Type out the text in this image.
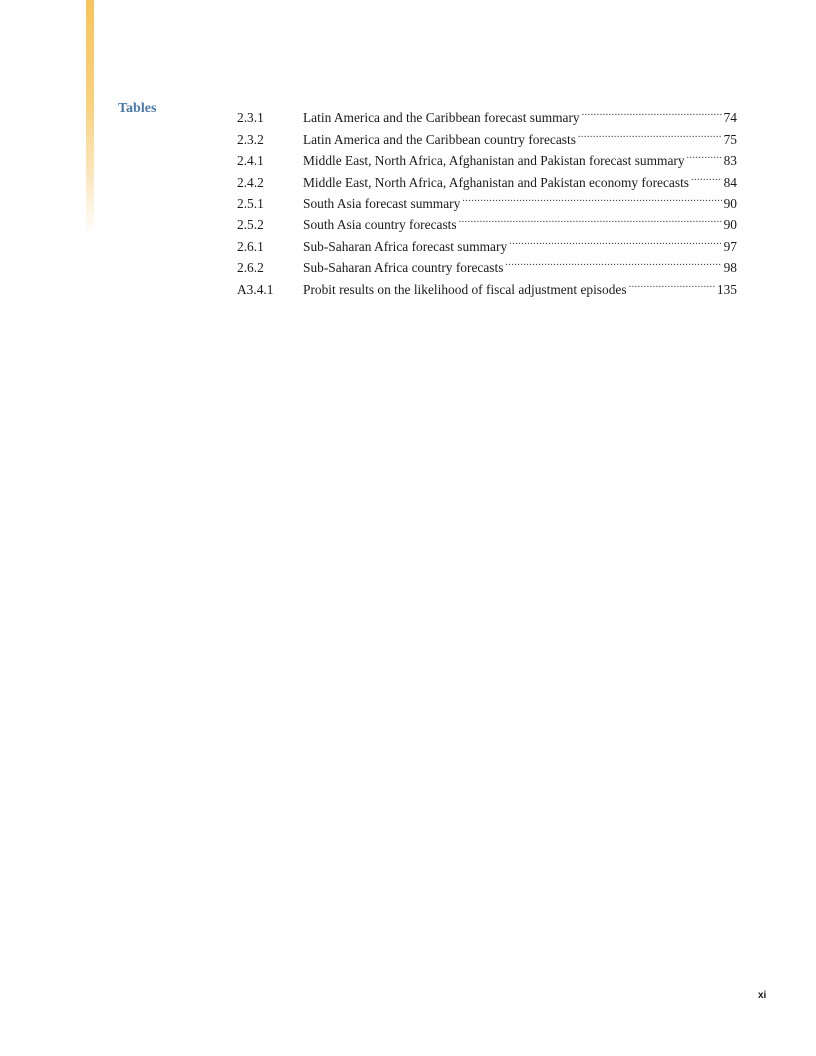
Tables
2.3.1	Latin America and the Caribbean forecast summary .....	74
2.3.2	Latin America and the Caribbean country forecasts .....	75
2.4.1	Middle East, North Africa, Afghanistan and Pakistan forecast summary .....	83
2.4.2	Middle East, North Africa, Afghanistan and Pakistan economy forecasts .....	84
2.5.1	South Asia forecast summary .....	90
2.5.2	South Asia country forecasts .....	90
2.6.1	Sub-Saharan Africa forecast summary .....	97
2.6.2	Sub-Saharan Africa country forecasts .....	98
A3.4.1	Probit results on the likelihood of fiscal adjustment episodes .....	135
xi
